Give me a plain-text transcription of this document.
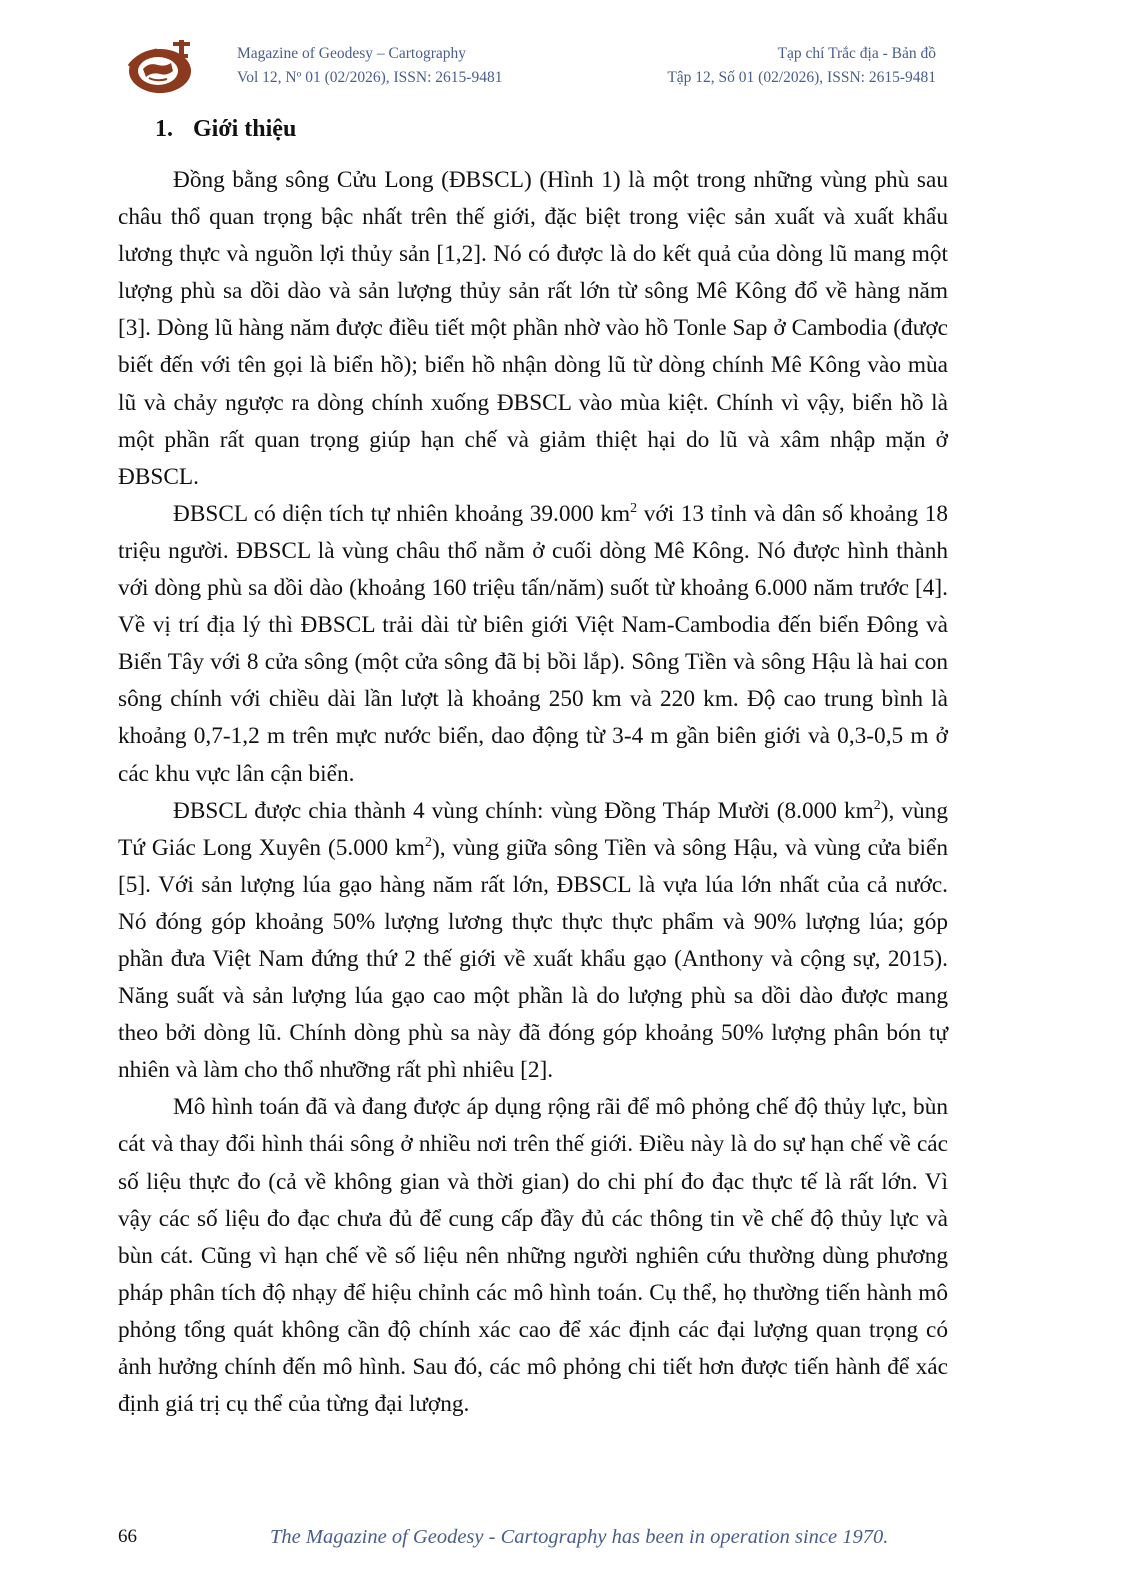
Magazine of Geodesy – Cartography
Vol 12, Nº 01 (02/2026), ISSN: 2615-9481
Tạp chí Trắc địa - Bản đồ
Tập 12, Số 01 (02/2026), ISSN: 2615-9481
1. Giới thiệu

Đồng bằng sông Cửu Long (ĐBSCL) (Hình 1) là một trong những vùng phù sau châu thổ quan trọng bậc nhất trên thế giới, đặc biệt trong việc sản xuất và xuất khẩu lương thực và nguồn lợi thủy sản [1,2]. Nó có được là do kết quả của dòng lũ mang một lượng phù sa dồi dào và sản lượng thủy sản rất lớn từ sông Mê Kông đổ về hàng năm [3]. Dòng lũ hàng năm được điều tiết một phần nhờ vào hồ Tonle Sap ở Cambodia (được biết đến với tên gọi là biển hồ); biển hồ nhận dòng lũ từ dòng chính Mê Kông vào mùa lũ và chảy ngược ra dòng chính xuống ĐBSCL vào mùa kiệt. Chính vì vậy, biển hồ là một phần rất quan trọng giúp hạn chế và giảm thiệt hại do lũ và xâm nhập mặn ở ĐBSCL.

ĐBSCL có diện tích tự nhiên khoảng 39.000 $km^2$ với 13 tỉnh và dân số khoảng 18 triệu người. ĐBSCL là vùng châu thổ nằm ở cuối dòng Mê Kông. Nó được hình thành với dòng phù sa dồi dào (khoảng 160 triệu tấn/năm) suốt từ khoảng 6.000 năm trước [4]. Về vị trí địa lý thì ĐBSCL trải dài từ biên giới Việt Nam-Cambodia đến biển Đông và Biển Tây với 8 cửa sông (một cửa sông đã bị bồi lắp). Sông Tiền và sông Hậu là hai con sông chính với chiều dài lần lượt là khoảng 250 km và 220 km. Độ cao trung bình là khoảng 0,7-1,2 m trên mực nước biển, dao động từ 3-4 m gần biên giới và 0,3-0,5 m ở các khu vực lân cận biển.

ĐBSCL được chia thành 4 vùng chính: vùng Đồng Tháp Mười (8.000 $km^2$), vùng Tứ Giác Long Xuyên (5.000 $km^2$), vùng giữa sông Tiền và sông Hậu, và vùng cửa biển [5]. Với sản lượng lúa gạo hàng năm rất lớn, ĐBSCL là vựa lúa lớn nhất của cả nước. Nó đóng góp khoảng 50% lượng lương thực thực thực phẩm và 90% lượng lúa; góp phần đưa Việt Nam đứng thứ 2 thế giới về xuất khẩu gạo (Anthony và cộng sự, 2015). Năng suất và sản lượng lúa gạo cao một phần là do lượng phù sa dồi dào được mang theo bởi dòng lũ. Chính dòng phù sa này đã đóng góp khoảng 50% lượng phân bón tự nhiên và làm cho thổ nhưỡng rất phì nhiêu [2].

Mô hình toán đã và đang được áp dụng rộng rãi để mô phỏng chế độ thủy lực, bùn cát và thay đổi hình thái sông ở nhiều nơi trên thế giới. Điều này là do sự hạn chế về các số liệu thực đo (cả về không gian và thời gian) do chi phí đo đạc thực tế là rất lớn. Vì vậy các số liệu đo đạc chưa đủ để cung cấp đầy đủ các thông tin về chế độ thủy lực và bùn cát. Cũng vì hạn chế về số liệu nên những người nghiên cứu thường dùng phương pháp phân tích độ nhạy để hiệu chỉnh các mô hình toán. Cụ thể, họ thường tiến hành mô phỏng tổng quát không cần độ chính xác cao để xác định các đại lượng quan trọng có ảnh hưởng chính đến mô hình. Sau đó, các mô phỏng chi tiết hơn được tiến hành để xác định giá trị cụ thể của từng đại lượng.

66	The Magazine of Geodesy - Cartography has been in operation since 1970.
